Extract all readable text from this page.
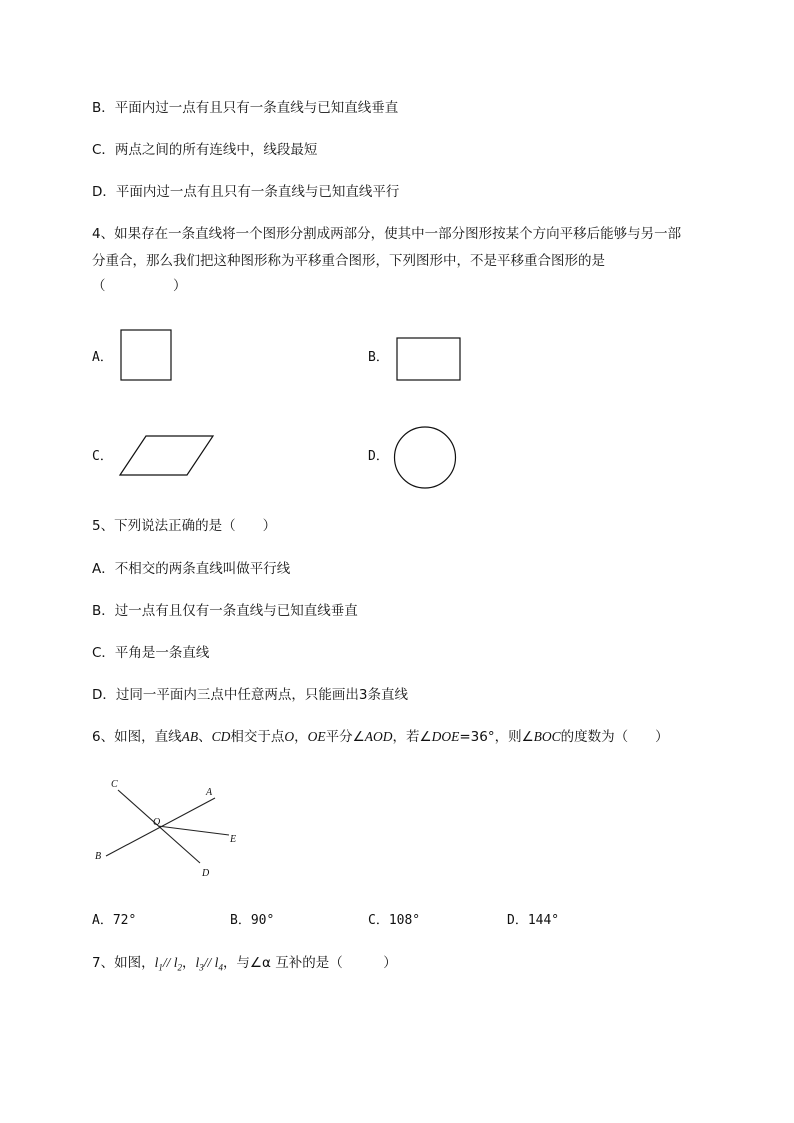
B．平面内过一点有且只有一条直线与已知直线垂直
C．两点之间的所有连线中，线段最短
D．平面内过一点有且只有一条直线与已知直线平行
4、如果存在一条直线将一个图形分割成两部分，使其中一部分图形按某个方向平移后能够与另一部
分重合，那么我们把这种图形称为平移重合图形，下列图形中，不是平移重合图形的是
（　　　　　）
A．	B．
C．	D．
5、下列说法正确的是（　　）
A．不相交的两条直线叫做平行线
B．过一点有且仅有一条直线与已知直线垂直
C．平角是一条直线
D．过同一平面内三点中任意两点，只能画出3条直线
6、如图，直线AB、CD相交于点O，OE平分∠AOD，若∠DOE=36°，则∠BOC的度数为（　　）
C
A
O
E
B
D
A．72°	B．90°	C．108°	D．144°
7、如图，$l_1//$ $l_2$，$l_3//$ $l_4$，与∠α 互补的是（　　　）
